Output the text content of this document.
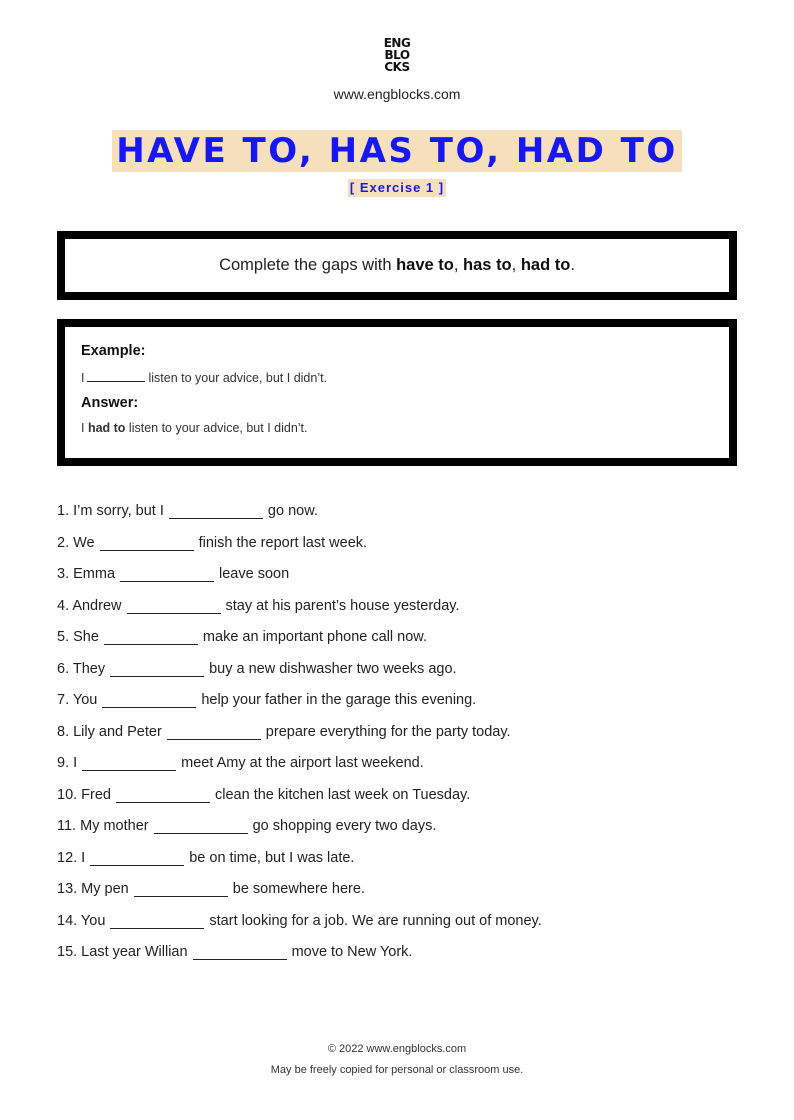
ENG
BLO
CKS
www.engblocks.com
HAVE TO, HAS TO, HAD TO
[ Exercise 1 ]
Complete the gaps with have to, has to, had to.
Example:
I	listen to your advice, but I didn’t.
Answer:
I had to listen to your advice, but I didn’t.
1. I’m sorry, but I	go now.
2. We	finish the report last week.
3. Emma	leave soon
4. Andrew	stay at his parent’s house yesterday.
5. She	make an important phone call now.
6. They	buy a new dishwasher two weeks ago.
7. You	help your father in the garage this evening.
8. Lily and Peter	prepare everything for the party today.
9. I	meet Amy at the airport last weekend.
10. Fred	clean the kitchen last week on Tuesday.
11. My mother	go shopping every two days.
12. I	be on time, but I was late.
13. My pen	be somewhere here.
14. You	start looking for a job. We are running out of money.
15. Last year Willian	move to New York.
© 2022 www.engblocks.com
May be freely copied for personal or classroom use.
